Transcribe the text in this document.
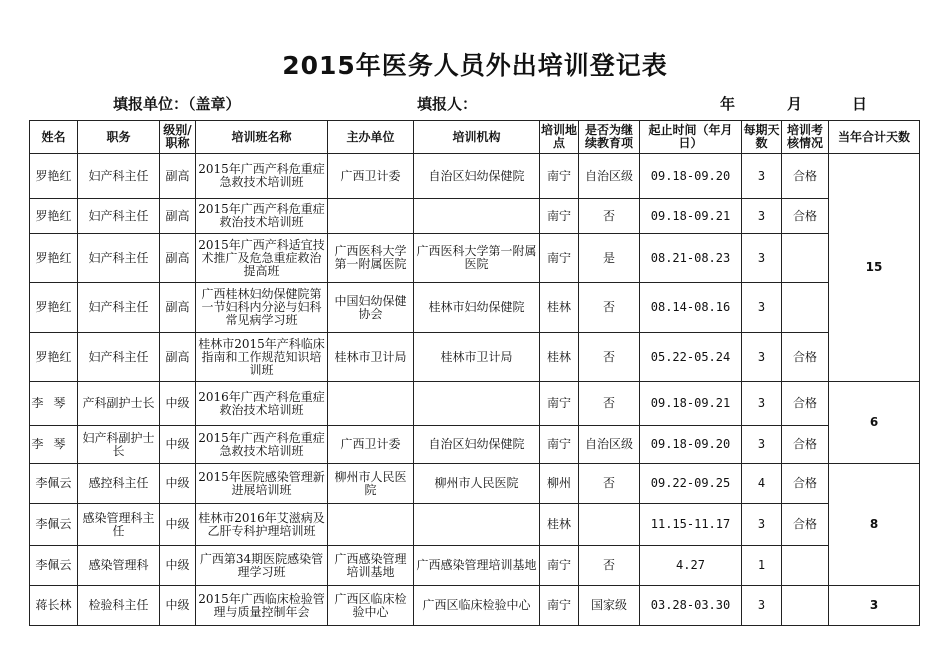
2015年医务人员外出培训登记表
填报单位：（盖章）	填报人：	年	月	日
姓名	职务	级别/职称	培训班名称	主办单位	培训机构	培训地点	是否为继续教育项	起止时间（年月日）	每期天数	培训考核情况	当年合计天数
罗艳红	妇产科主任	副高	2015年广西产科危重症急救技术培训班	广西卫计委	自治区妇幼保健院	南宁	自治区级	09.18-09.20	3	合格	15
罗艳红	妇产科主任	副高	2015年广西产科危重症救治技术培训班			南宁	否	09.18-09.21	3	合格	
罗艳红	妇产科主任	副高	2015年广西产科适宜技术推广及危急重症救治提高班	广西医科大学第一附属医院	广西医科大学第一附属医院	南宁	是	08.21-08.23	3		
罗艳红	妇产科主任	副高	广西桂林妇幼保健院第一节妇科内分泌与妇科常见病学习班	中国妇幼保健协会	桂林市妇幼保健院	桂林	否	08.14-08.16	3		
罗艳红	妇产科主任	副高	桂林市2015年产科临床指南和工作规范知识培训班	桂林市卫计局	桂林市卫计局	桂林	否	05.22-05.24	3	合格	
李琴	产科副护士长	中级	2016年广西产科危重症救治技术培训班			南宁	否	09.18-09.21	3	合格	6
李琴	妇产科副护士长	中级	2015年广西产科危重症急救技术培训班	广西卫计委	自治区妇幼保健院	南宁	自治区级	09.18-09.20	3	合格	
李佩云	感控科主任	中级	2015年医院感染管理新进展培训班	柳州市人民医院	柳州市人民医院	柳州	否	09.22-09.25	4	合格	8
李佩云	感染管理科主任	中级	桂林市2016年艾滋病及乙肝专科护理培训班			桂林		11.15-11.17	3	合格	
李佩云	感染管理科	中级	广西第34期医院感染管理学习班	广西感染管理培训基地	广西感染管理培训基地	南宁	否	4.27	1		
蒋长林	检验科主任	中级	2015年广西临床检验管理与质量控制年会	广西区临床检验中心	广西区临床检验中心	南宁	国家级	03.28-03.30	3		3
